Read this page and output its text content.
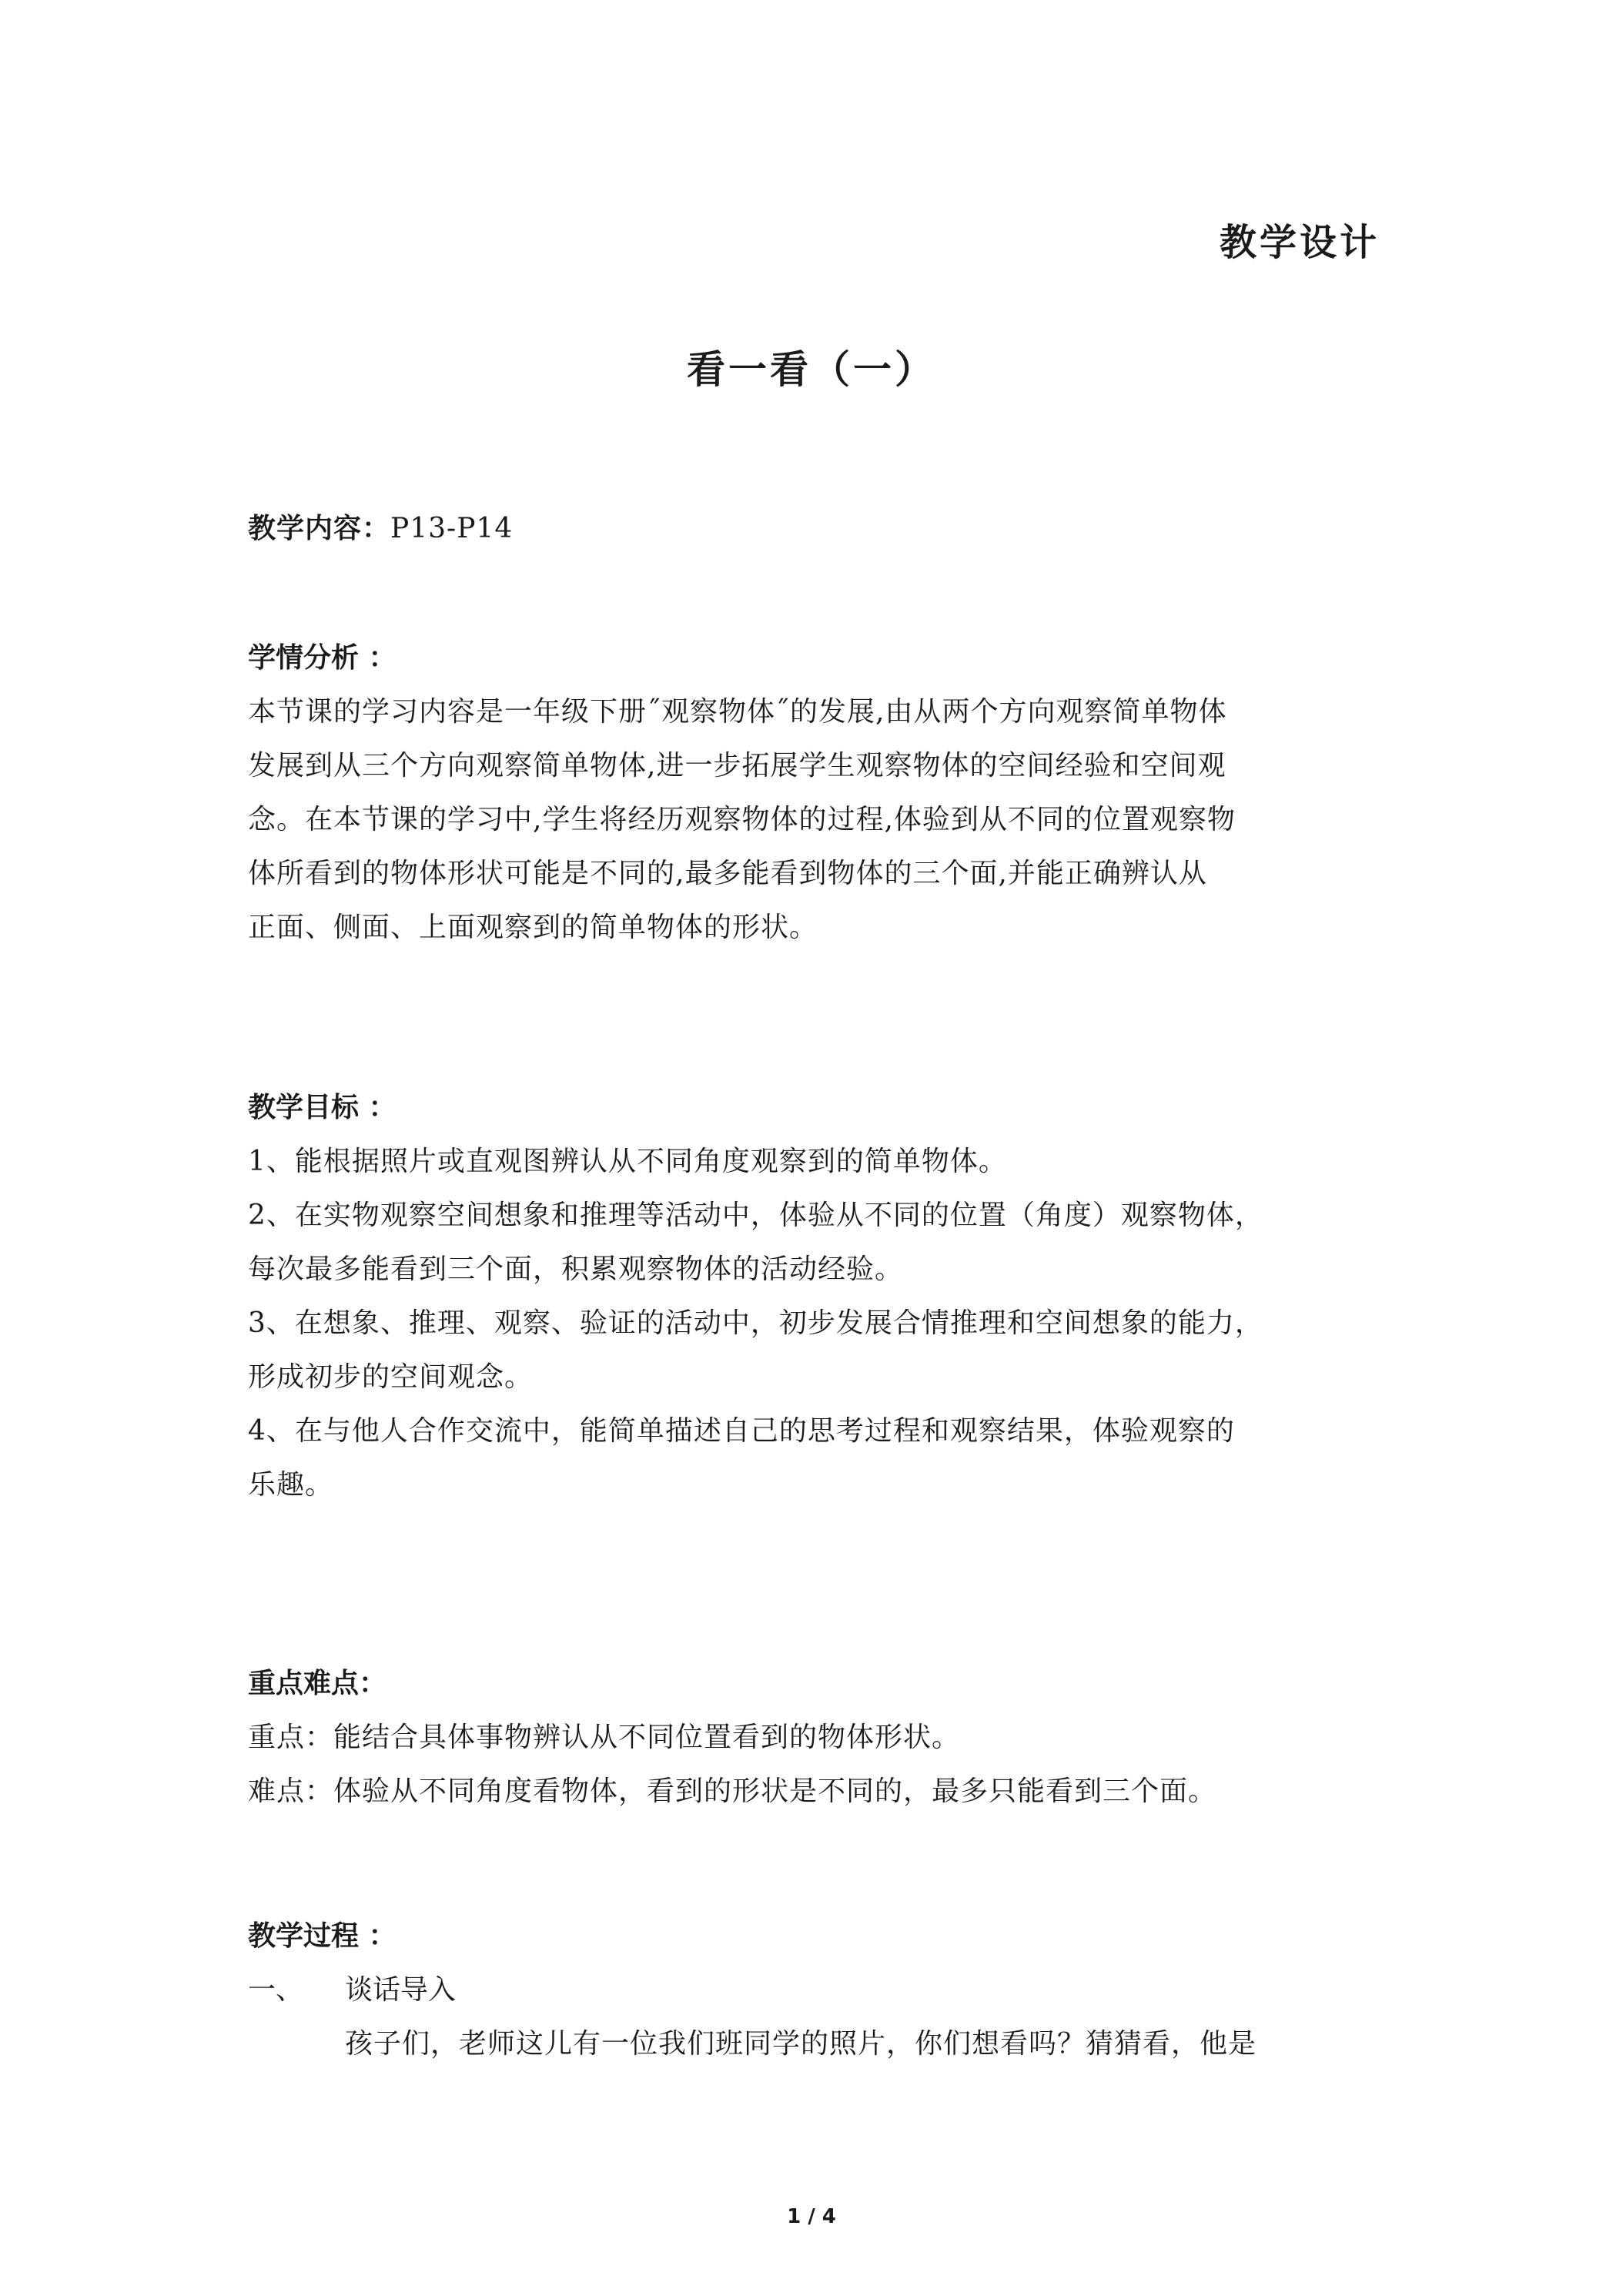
教学设计
看一看（一）
教学内容：P13-P14
学情分析 ：
本节课的学习内容是一年级下册˝观察物体˝的发展,由从两个方向观察简单物体
发展到从三个方向观察简单物体,进一步拓展学生观察物体的空间经验和空间观
念。在本节课的学习中,学生将经历观察物体的过程,体验到从不同的位置观察物
体所看到的物体形状可能是不同的,最多能看到物体的三个面,并能正确辨认从
正面、侧面、上面观察到的简单物体的形状。
教学目标 ：
1、能根据照片或直观图辨认从不同角度观察到的简单物体。
2、在实物观察空间想象和推理等活动中，体验从不同的位置（角度）观察物体，
每次最多能看到三个面，积累观察物体的活动经验。
3、在想象、推理、观察、验证的活动中，初步发展合情推理和空间想象的能力，
形成初步的空间观念。
4、在与他人合作交流中，能简单描述自己的思考过程和观察结果，体验观察的
乐趣。
重点难点：
重点：能结合具体事物辨认从不同位置看到的物体形状。
难点：体验从不同角度看物体，看到的形状是不同的，最多只能看到三个面。
教学过程 ：
一、	谈话导入
孩子们，老师这儿有一位我们班同学的照片，你们想看吗？猜猜看，他是
1 / 4
